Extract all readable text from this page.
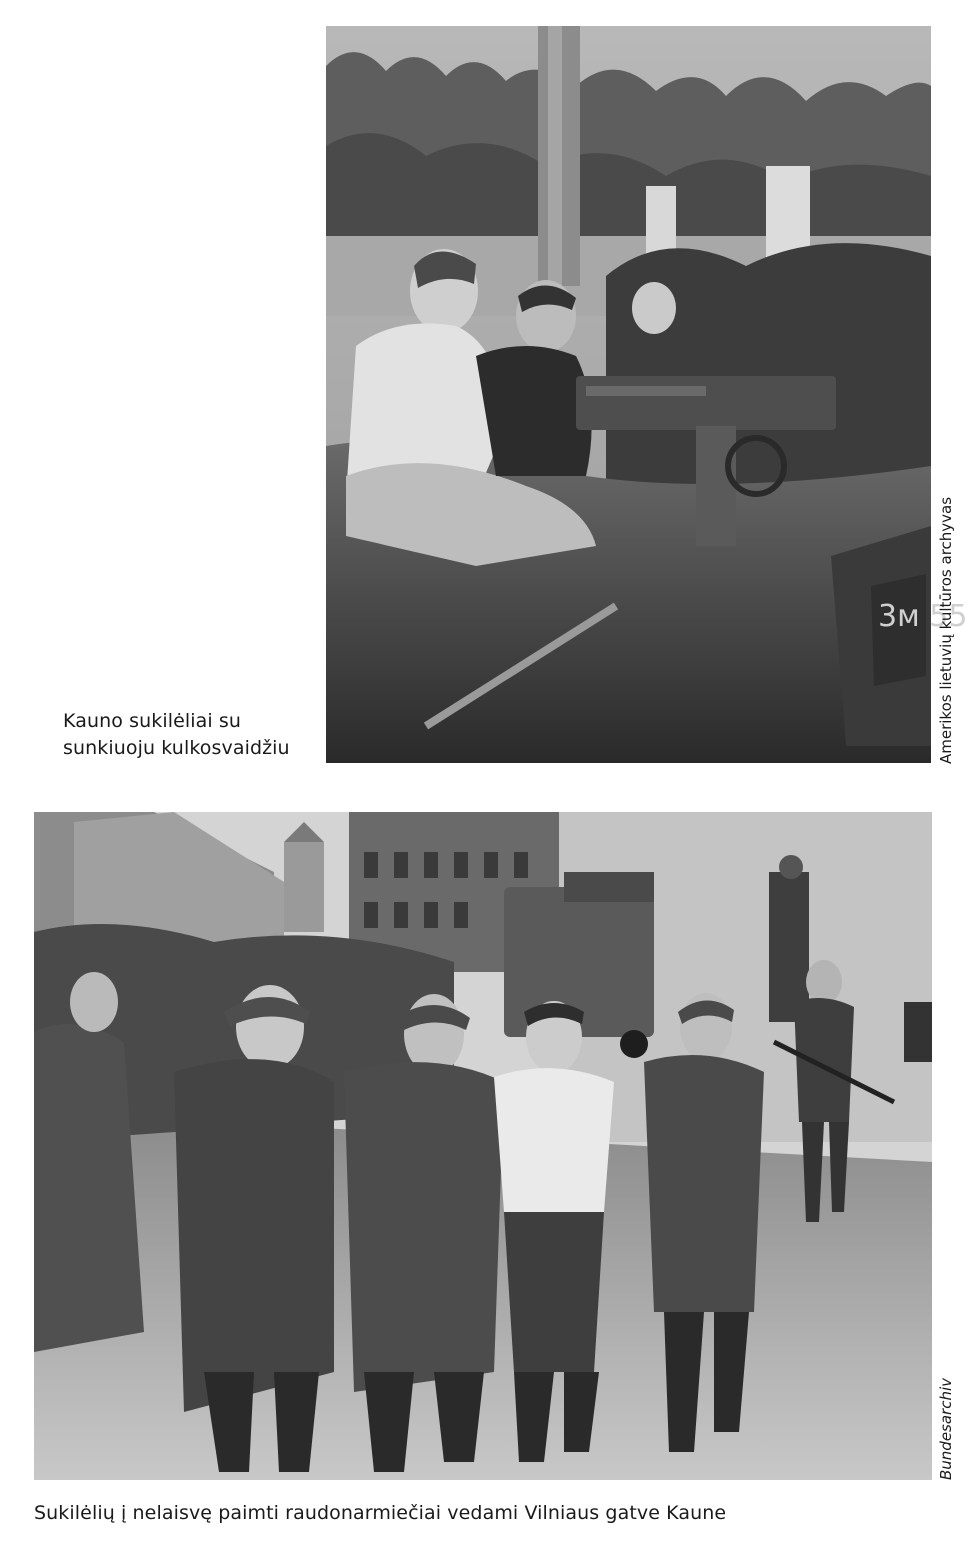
3м 55
Kauno sukilėliai su sunkiuoju kulkosvaidžiu	Amerikos lietuvių kultūros archyvas
Sukilėlių į nelaisvę paimti raudonarmiečiai vedami Vilniaus gatve Kaune
Bundesarchiv
